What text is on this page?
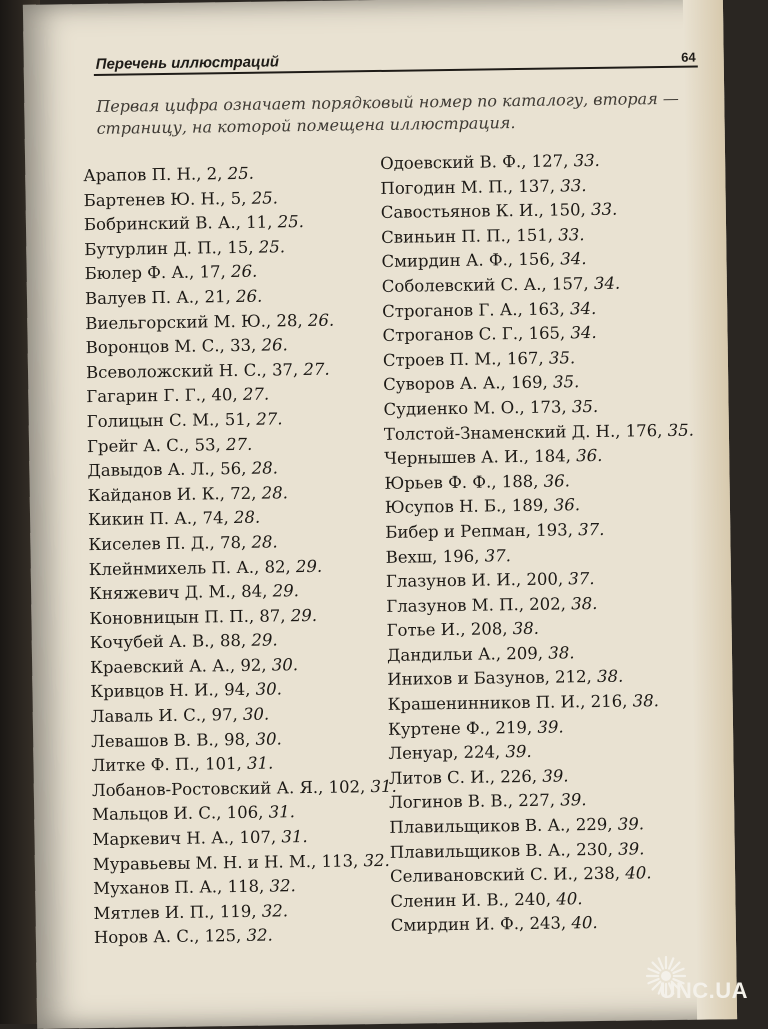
Перечень иллюстраций	64
Первая цифра означает порядковый номер по каталогу, вторая — страницу, на которой помещена иллюстрация.
Арапов П. Н., 2, 25.
Бартенев Ю. Н., 5, 25.
Бобринский В. А., 11, 25.
Бутурлин Д. П., 15, 25.
Бюлер Ф. А., 17, 26.
Валуев П. А., 21, 26.
Виельгорский М. Ю., 28, 26.
Воронцов М. С., 33, 26.
Всеволожский Н. С., 37, 27.
Гагарин Г. Г., 40, 27.
Голицын С. М., 51, 27.
Грейг А. С., 53, 27.
Давыдов А. Л., 56, 28.
Кайданов И. К., 72, 28.
Кикин П. А., 74, 28.
Киселев П. Д., 78, 28.
Клейнмихель П. А., 82, 29.
Княжевич Д. М., 84, 29.
Коновницын П. П., 87, 29.
Кочубей А. В., 88, 29.
Краевский А. А., 92, 30.
Кривцов Н. И., 94, 30.
Лаваль И. С., 97, 30.
Левашов В. В., 98, 30.
Литке Ф. П., 101, 31.
Лобанов-Ростовский А. Я., 102, 31.
Мальцов И. С., 106, 31.
Маркевич Н. А., 107, 31.
Муравьевы М. Н. и Н. М., 113, 32.
Муханов П. А., 118, 32.
Мятлев И. П., 119, 32.
Норов А. С., 125, 32.
Одоевский В. Ф., 127, 33.
Погодин М. П., 137, 33.
Савостьянов К. И., 150, 33.
Свиньин П. П., 151, 33.
Смирдин А. Ф., 156, 34.
Соболевский С. А., 157, 34.
Строганов Г. А., 163, 34.
Строганов С. Г., 165, 34.
Строев П. М., 167, 35.
Суворов А. А., 169, 35.
Судиенко М. О., 173, 35.
Толстой-Знаменский Д. Н., 176, 35.
Чернышев А. И., 184, 36.
Юрьев Ф. Ф., 188, 36.
Юсупов Н. Б., 189, 36.
Бибер и Репман, 193, 37.
Вехш, 196, 37.
Глазунов И. И., 200, 37.
Глазунов М. П., 202, 38.
Готье И., 208, 38.
Дандильи А., 209, 38.
Инихов и Базунов, 212, 38.
Крашенинников П. И., 216, 38.
Куртене Ф., 219, 39.
Ленуар, 224, 39.
Литов С. И., 226, 39.
Логинов В. В., 227, 39.
Плавильщиков В. А., 229, 39.
Плавильщиков В. А., 230, 39.
Селивановский С. И., 238, 40.
Сленин И. В., 240, 40.
Смирдин И. Ф., 243, 40.
UNC.UA
